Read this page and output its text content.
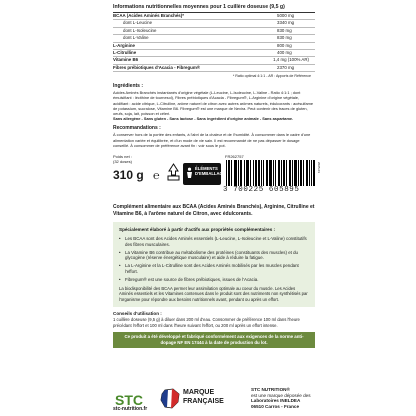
Informations nutritionnelles moyennes pour 1 cuillère doseuse (9,5 g)
BCAA (Acides Aminés Branchés)*	5000 mg
dont L-Leucine	3340 mg
dont L-Isoleucine	830 mg
dont L-Valine	830 mg
L-Arginine	800 mg
L-Citrulline	400 mg
Vitamine B6	1,4 mg (100% AR)
Fibres prébiotiques d'Acacia - Fibregum®	2370 mg
* Ratio optimal 4:1:1 - AR : Apports de Référence
Ingrédients :
Acides Aminés Branchés instantanés d'origine végétale (L-Leucine, L-Isoleucine, L-Valine - Ratio 4:1:1 ; dont émulsifiant : lécithine de tournesol), Fibres prébiotiques d'Acacia - Fibregum®, L-Arginine d'origine végétale, acidifiant : acide citrique, L-Citrulline, arôme naturel de citron avec autres arômes naturels, édulcorants : acésulfame de potassium, sucralose, Vitamine B6. Fibregum® est une marque de Nexira. Peut contenir des traces de gluten, oeufs, soja, lait, poisson et céleri.
Sans allergène - Sans gluten - Sans lactose - Sans ingrédient d'origine animale - Sans aspartame.
Recommandations :
À conserver hors de la portée des enfants, à l'abri de la chaleur et de l'humidité. À consommer dans le cadre d'une alimentation variée et équilibrée, et d'un mode de vie sain. Il est recommandé de ne pas dépasser le dosage conseillé. À consommer de préférence avant fin : voir sous le pot.
Poids net :
(32 doses)
310 g ℮
ÉLÉMENTS
D'EMBALLAGE
FR262757
3 700225 605895
2025-03
Complément alimentaire aux BCAA (Acides Aminés Branchés), Arginine, Citrulline et Vitamine B6, à l'arôme naturel de Citron, avec édulcorants.
Spécialement élaboré à partir d'actifs aux propriétés complémentaires :
• Les BCAA sont des Acides Aminés essentiels (L-Leucine, L-Isoleucine et L-Valine) constitutifs des fibres musculaires.
• La Vitamine B6 contribue au métabolisme des protéines (constituants des muscles) et du glycogène (réserve énergétique musculaire) et aide à réduire la fatigue.
• La L-Arginine et la L-Citrulline sont des Acides Aminés mobilisés par les muscles pendant l'effort.
• Fibregum® est une source de fibres prébiotiques, issues de l'Acacia.
La biodisponibilité des BCAA permet leur assimilation optimale au coeur du muscle. Les Acides Aminés essentiels et les Vitamines contenues dans le produit sont des nutriments non synthétisés par l'organisme pour répondre aux besoins nutritionnels avant, pendant ou après un effort.
Conseils d'utilisation :
1 cuillère doseuse (9,5 g) à diluer dans 200 ml d'eau. Consommer de préférence 100 ml dans l'heure précédant l'effort et 100 ml dans l'heure suivant l'effort, ou 200 ml après un effort intense.
Ce produit a été développé et fabriqué conformément aux exigences de la norme anti-dopage NF EN 17444 à la date de production du lot.
STC
stc-nutrition.fr
MARQUE
FRANÇAISE
STC NUTRITION®
est une marque déposée des
Laboratoires INELDEA
06510 Carros - France
